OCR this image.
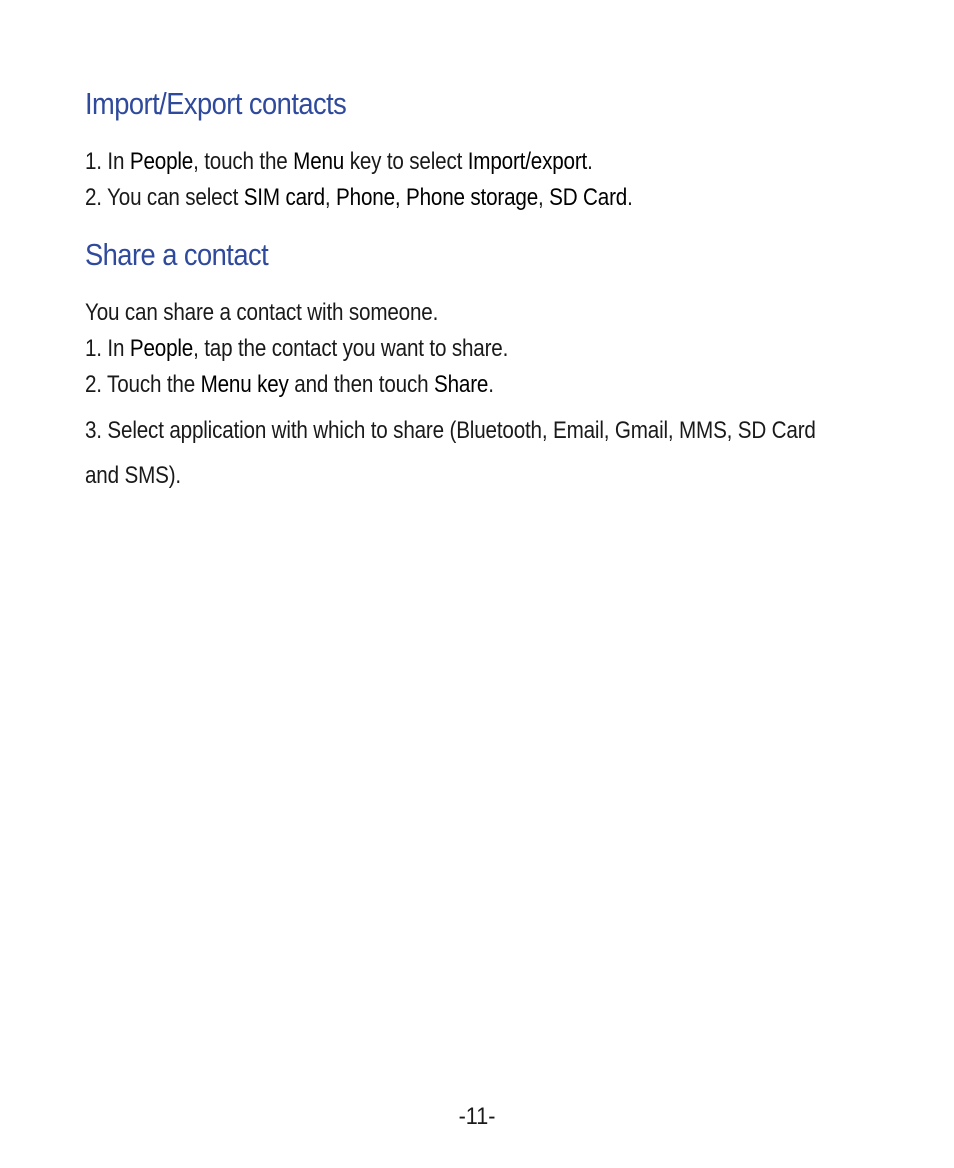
Import/Export contacts

1. In People, touch the Menu key to select Import/export.

2. You can select SIM card, Phone, Phone storage, SD Card.

Share a contact

You can share a contact with someone.

1. In People, tap the contact you want to share.

2. Touch the Menu key and then touch Share.

3. Select application with which to share (Bluetooth, Email, Gmail, MMS, SD Card

and SMS).

-11-
